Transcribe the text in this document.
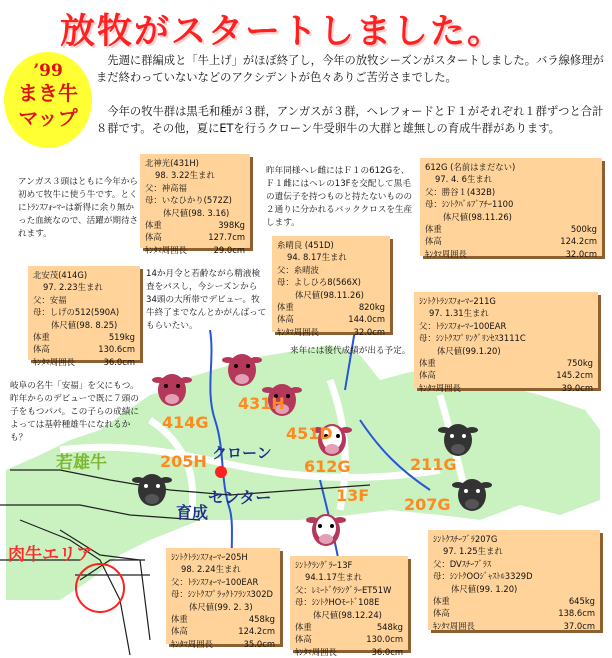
放牧がスタートしました。
’99
まき牛
マップ
先週に群編成と「牛上げ」がほぼ終了し，今年の放牧シーズンがスタートしました。バラ線修理がまだ終わっていないなどのアクシデントが色々ありご苦労さまでした。
今年の牧牛群は黒毛和種が３群，アンガスが３群，ヘレフォードとＦ１がそれぞれ１群ずつと合計８群です。その他，夏にETを行うクローン牛受卵牛の大群と雄無しの育成牛群があります。
414G
431H
451D
205H	612G	211G
13F 207G
クローン
センター
育成
若雄牛
肉牛エリア
アンガス３頭はともに今年から初めて牧牛に使う牛です。とくにﾄﾗﾝｽﾌｫｰﾏｰは新得に余り無かった血統なので、活躍が期待されます。
14か月令と若齢ながら精液検査をパスし，今シーズンから34頭の大所帯でデビュー。牧牛終了までなんとかがんばってもらいたい。
昨年同様ヘレ雌にはＦ１の612Gを、Ｆ１雌にはヘレの13Fを交配して黒毛の遺伝子を持つものと持たないものの２通りに分かれるバッククロスを生産します。
岐阜の名牛「安福」を父にもつ。昨年からのデビューで既に７頭の子をもつパパ。この子らの成績によっては基幹種雄牛になれるかも？
来年には後代成績が出る予定。
北神光(431H)
98. 3.22生まれ
父：神高福
母：いなひかり(572Z)
体尺値(98. 3.16)
体重	398Kg
体高	127.7cm
ｷﾝﾀﾏ周囲長	29.0cm
北安茂(414G)
97. 2.23生まれ
父：安福
母：しげの512(590A)
体尺値(98. 8.25)
体重	519kg
体高	130.6cm
ｷﾝﾀﾏ周囲長	36.0cm
糸晴良 (451D)
94. 8.17生まれ
父：糸晴波
母：よしひろ8(566X)
体尺値(98.11.26)
体重	820kg
体高	144.0cm
ｷﾝﾀﾏ周囲長	32.0cm
612G (名前はまだない)
97. 4. 6生まれ
父：勝谷１(432B)
母：ｼﾝﾄｸﾊﾞﾙﾌﾞｱﾁｰ1100
体尺値(98.11.26)
体重	500kg
体高	124.2cm
ｷﾝﾀﾏ周囲長	32.0cm
ｼﾝﾄｸﾄﾗﾝｽﾌｫｰﾏｰ211G
97. 1.31生まれ
父：ﾄﾗﾝｽﾌｫｰﾏｰ100EAR
母：ｼﾝﾄｸｽﾌﾟﾘﾝｸﾞﾘﾝｾｽ3111C
体尺値(99.1.20)
体重	750kg
体高	145.2cm
ｷﾝﾀﾏ周囲長	39.0cm
ｼﾝﾄｸﾄﾗﾝｽﾌｫｰﾏｰ205H
98. 2.24生まれ
父：ﾄﾗﾝｽﾌｫｰﾏｰ100EAR
母：ｼﾝﾄｸｽﾌﾟﾗｯｸﾄﾌﾗﾝｽ302D
体尺値(99. 2. 3)
体重	458kg
体高	124.2cm
ｷﾝﾀﾏ周囲長	35.0cm
ｼﾝﾄｸﾗﾝｸﾞﾗｰ13F
94.1.17生まれ
父：ﾚﾐｰﾄﾞｳﾗﾝｸﾞﾗｰET51W
母：ｼﾝﾄｸHOﾓｰﾄﾞ108E
体尺値(98.12.24)
体重	548kg
体高	130.0cm
ｷﾝﾀﾏ周囲長	36.0cm
ｼﾝﾄｸｽﾁｰﾌﾞﾗ207G
97. 1.25生まれ
父：DVｽﾁｰﾌﾞﾗｽ
母：ｼﾝﾄｸOOｼﾞｬｽﾄﾙ3329D
体尺値(99. 1.20)
体重	645kg
体高	138.6cm
ｷﾝﾀﾏ周囲長	37.0cm
